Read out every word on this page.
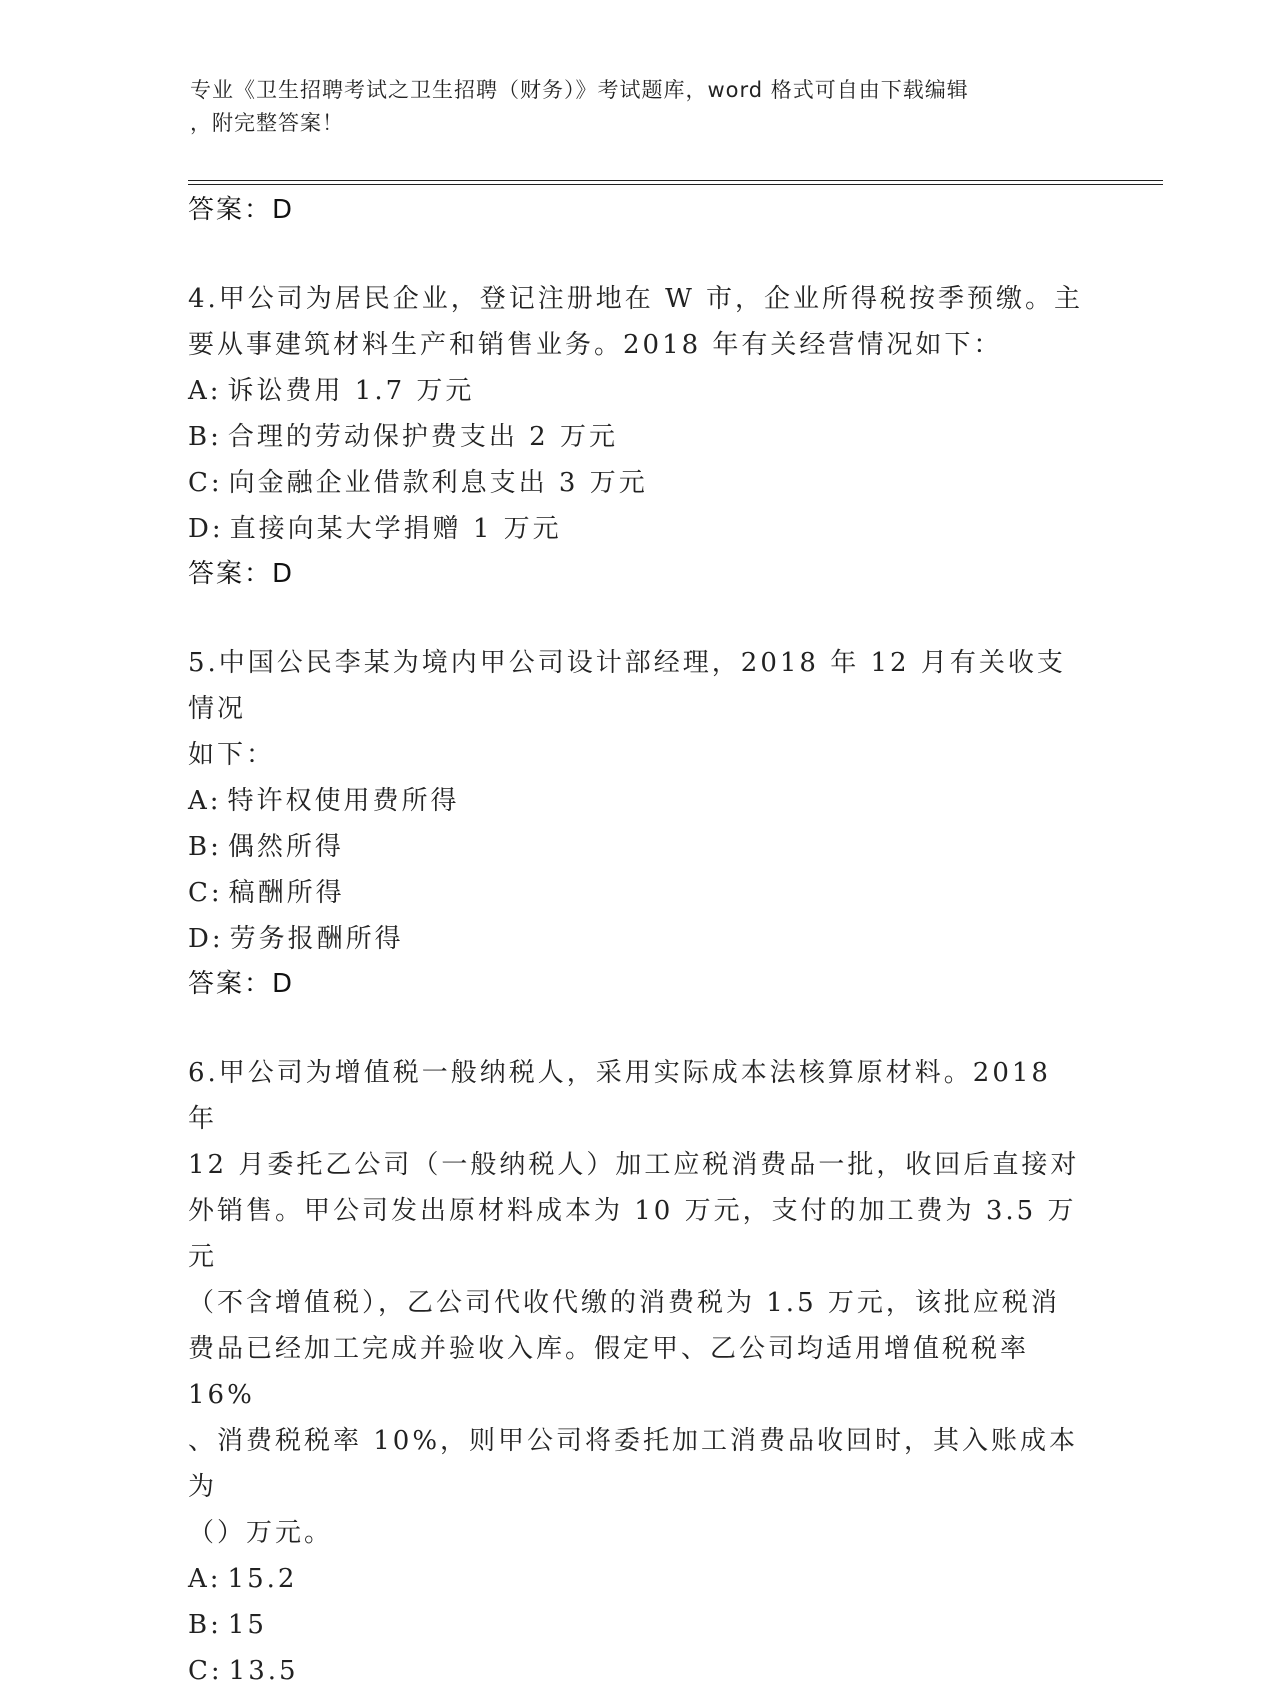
专业《卫生招聘考试之卫生招聘（财务）》考试题库，word 格式可自由下载编辑
，附完整答案！

答案：D

4.甲公司为居民企业，登记注册地在 W 市，企业所得税按季预缴。主

要从事建筑材料生产和销售业务。2018 年有关经营情况如下：

A: 诉讼费用 1.7 万元

B: 合理的劳动保护费支出 2 万元

C: 向金融企业借款利息支出 3 万元

D: 直接向某大学捐赠 1 万元

答案：D

5.中国公民李某为境内甲公司设计部经理，2018 年 12 月有关收支情况

如下：

A: 特许权使用费所得

B: 偶然所得

C: 稿酬所得

D: 劳务报酬所得

答案：D

6.甲公司为增值税一般纳税人，采用实际成本法核算原材料。2018 年

12 月委托乙公司（一般纳税人）加工应税消费品一批，收回后直接对

外销售。甲公司发出原材料成本为 10 万元，支付的加工费为 3.5 万元

（不含增值税），乙公司代收代缴的消费税为 1.5 万元，该批应税消

费品已经加工完成并验收入库。假定甲、乙公司均适用增值税税率 16%

、消费税税率 10%，则甲公司将委托加工消费品收回时，其入账成本为

（）万元。

A: 15.2

B: 15

C: 13.5
